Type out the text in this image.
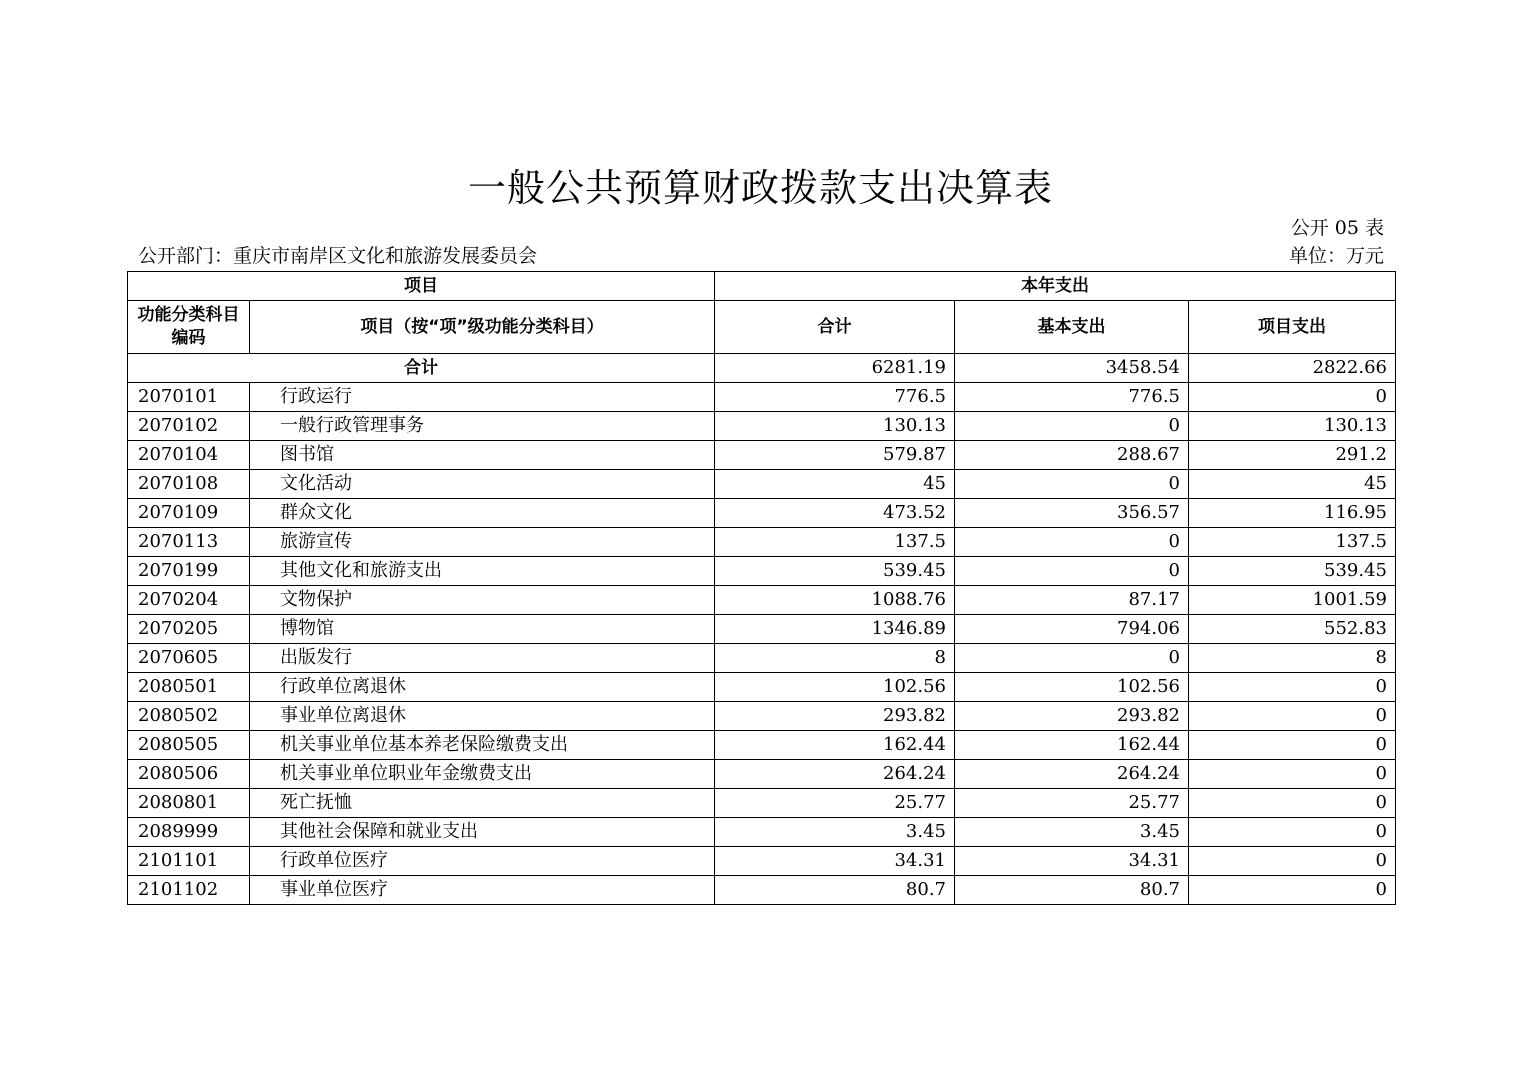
一般公共预算财政拨款支出决算表
公开 05 表
公开部门：重庆市南岸区文化和旅游发展委员会	单位：万元
项目		本年支出		
功能分类科目编码	项目（按“项”级功能分类科目）	合计	基本支出	项目支出
合计		6281.19	3458.54	2822.66
2070101	行政运行	776.5	776.5	0
2070102	一般行政管理事务	130.13	0	130.13
2070104	图书馆	579.87	288.67	291.2
2070108	文化活动	45	0	45
2070109	群众文化	473.52	356.57	116.95
2070113	旅游宣传	137.5	0	137.5
2070199	其他文化和旅游支出	539.45	0	539.45
2070204	文物保护	1088.76	87.17	1001.59
2070205	博物馆	1346.89	794.06	552.83
2070605	出版发行	8	0	8
2080501	行政单位离退休	102.56	102.56	0
2080502	事业单位离退休	293.82	293.82	0
2080505	机关事业单位基本养老保险缴费支出	162.44	162.44	0
2080506	机关事业单位职业年金缴费支出	264.24	264.24	0
2080801	死亡抚恤	25.77	25.77	0
2089999	其他社会保障和就业支出	3.45	3.45	0
2101101	行政单位医疗	34.31	34.31	0
2101102	事业单位医疗	80.7	80.7	0
